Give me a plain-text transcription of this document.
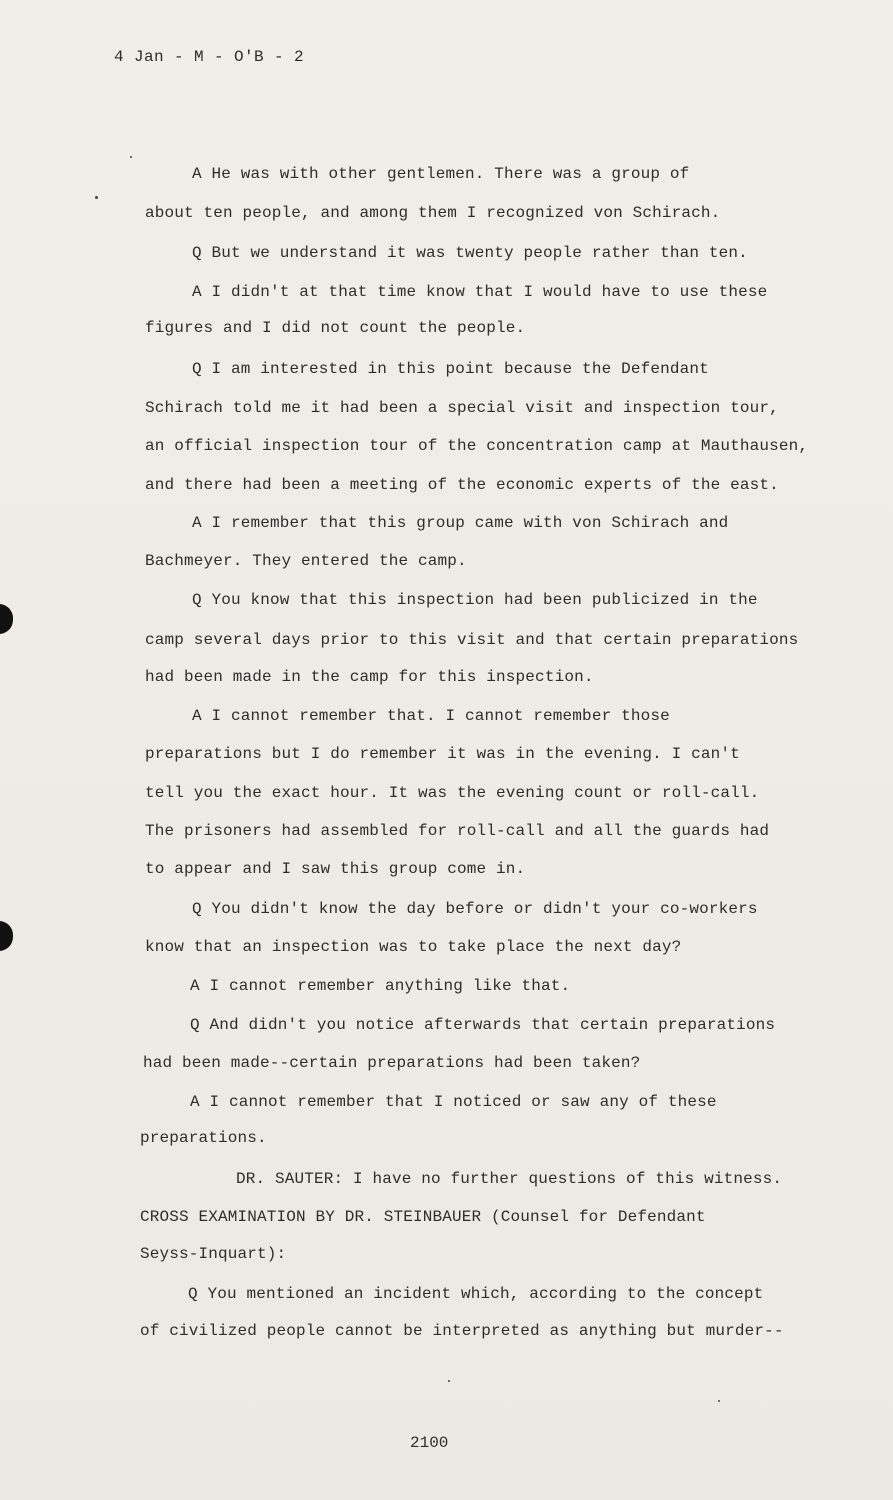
4 Jan - M - O'B - 2
A He was with other gentlemen. There was a group of
about ten people, and among them I recognized von Schirach.
Q But we understand it was twenty people rather than ten.
A I didn't at that time know that I would have to use these
figures and I did not count the people.
Q I am interested in this point because the Defendant
Schirach told me it had been a special visit and inspection tour,
an official inspection tour of the concentration camp at Mauthausen,
and there had been a meeting of the economic experts of the east.
A I remember that this group came with von Schirach and
Bachmeyer. They entered the camp.
Q You know that this inspection had been publicized in the
camp several days prior to this visit and that certain preparations
had been made in the camp for this inspection.
A I cannot remember that. I cannot remember those
preparations but I do remember it was in the evening. I can't
tell you the exact hour. It was the evening count or roll-call.
The prisoners had assembled for roll-call and all the guards had
to appear and I saw this group come in.
Q You didn't know the day before or didn't your co-workers
know that an inspection was to take place the next day?
A I cannot remember anything like that.
Q And didn't you notice afterwards that certain preparations
had been made--certain preparations had been taken?
A I cannot remember that I noticed or saw any of these
preparations.
DR. SAUTER: I have no further questions of this witness.
CROSS EXAMINATION BY DR. STEINBAUER (Counsel for Defendant
Seyss-Inquart):
Q You mentioned an incident which, according to the concept
of civilized people cannot be interpreted as anything but murder--
2100
